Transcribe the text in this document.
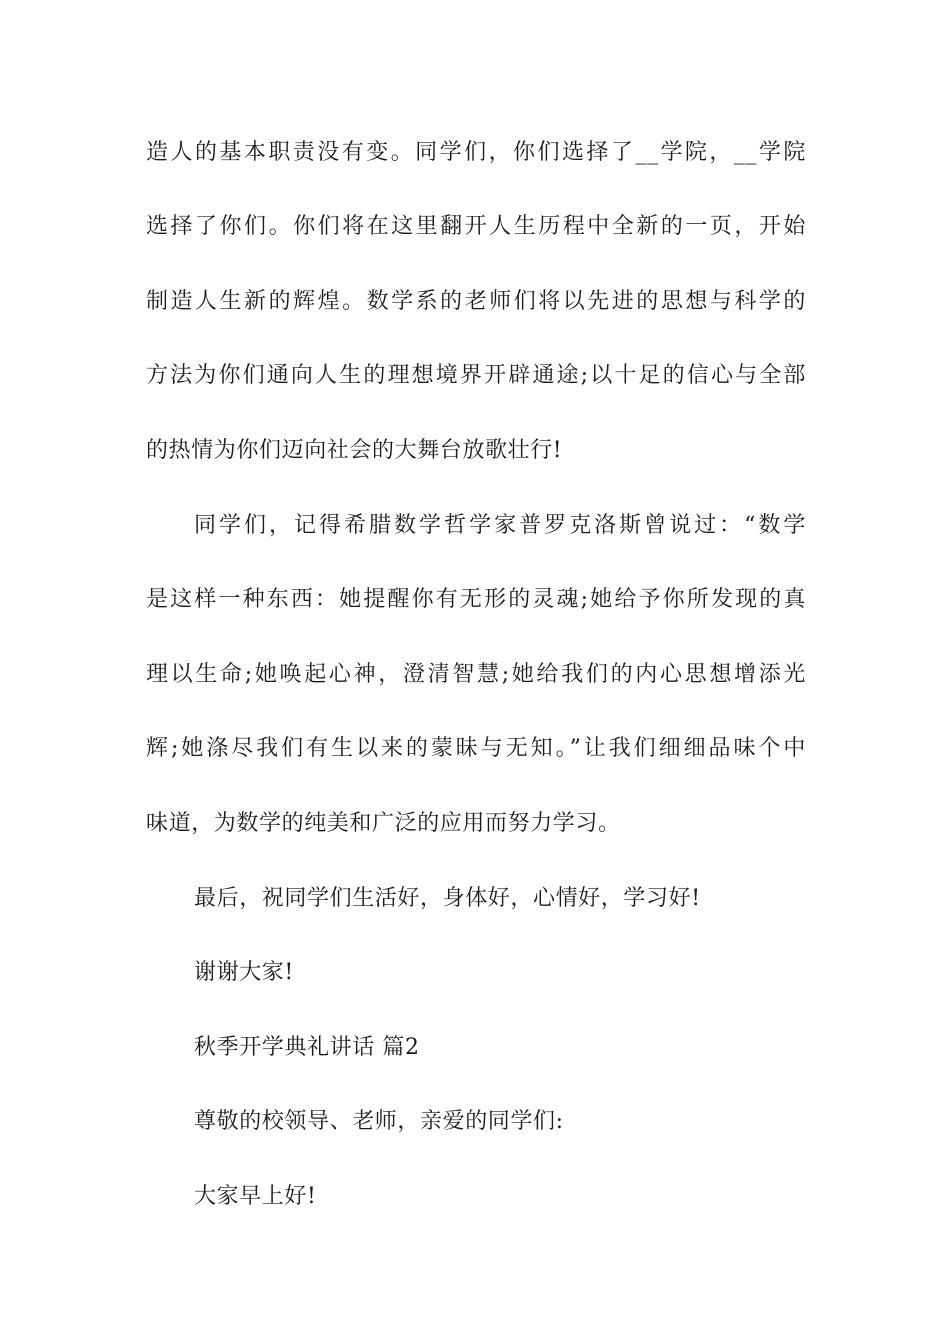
造人的基本职责没有变。同学们，你们选择了__学院，__学院
选择了你们。你们将在这里翻开人生历程中全新的一页，开始
制造人生新的辉煌。数学系的老师们将以先进的思想与科学的
方法为你们通向人生的理想境界开辟通途;以十足的信心与全部
的热情为你们迈向社会的大舞台放歌壮行!
同学们，记得希腊数学哲学家普罗克洛斯曾说过：“数学
是这样一种东西：她提醒你有无形的灵魂;她给予你所发现的真
理以生命;她唤起心神，澄清智慧;她给我们的内心思想增添光
辉;她涤尽我们有生以来的蒙昧与无知。”让我们细细品味个中
味道，为数学的纯美和广泛的应用而努力学习。
最后，祝同学们生活好，身体好，心情好，学习好!
谢谢大家!
秋季开学典礼讲话 篇2
尊敬的校领导、老师，亲爱的同学们:
大家早上好!
